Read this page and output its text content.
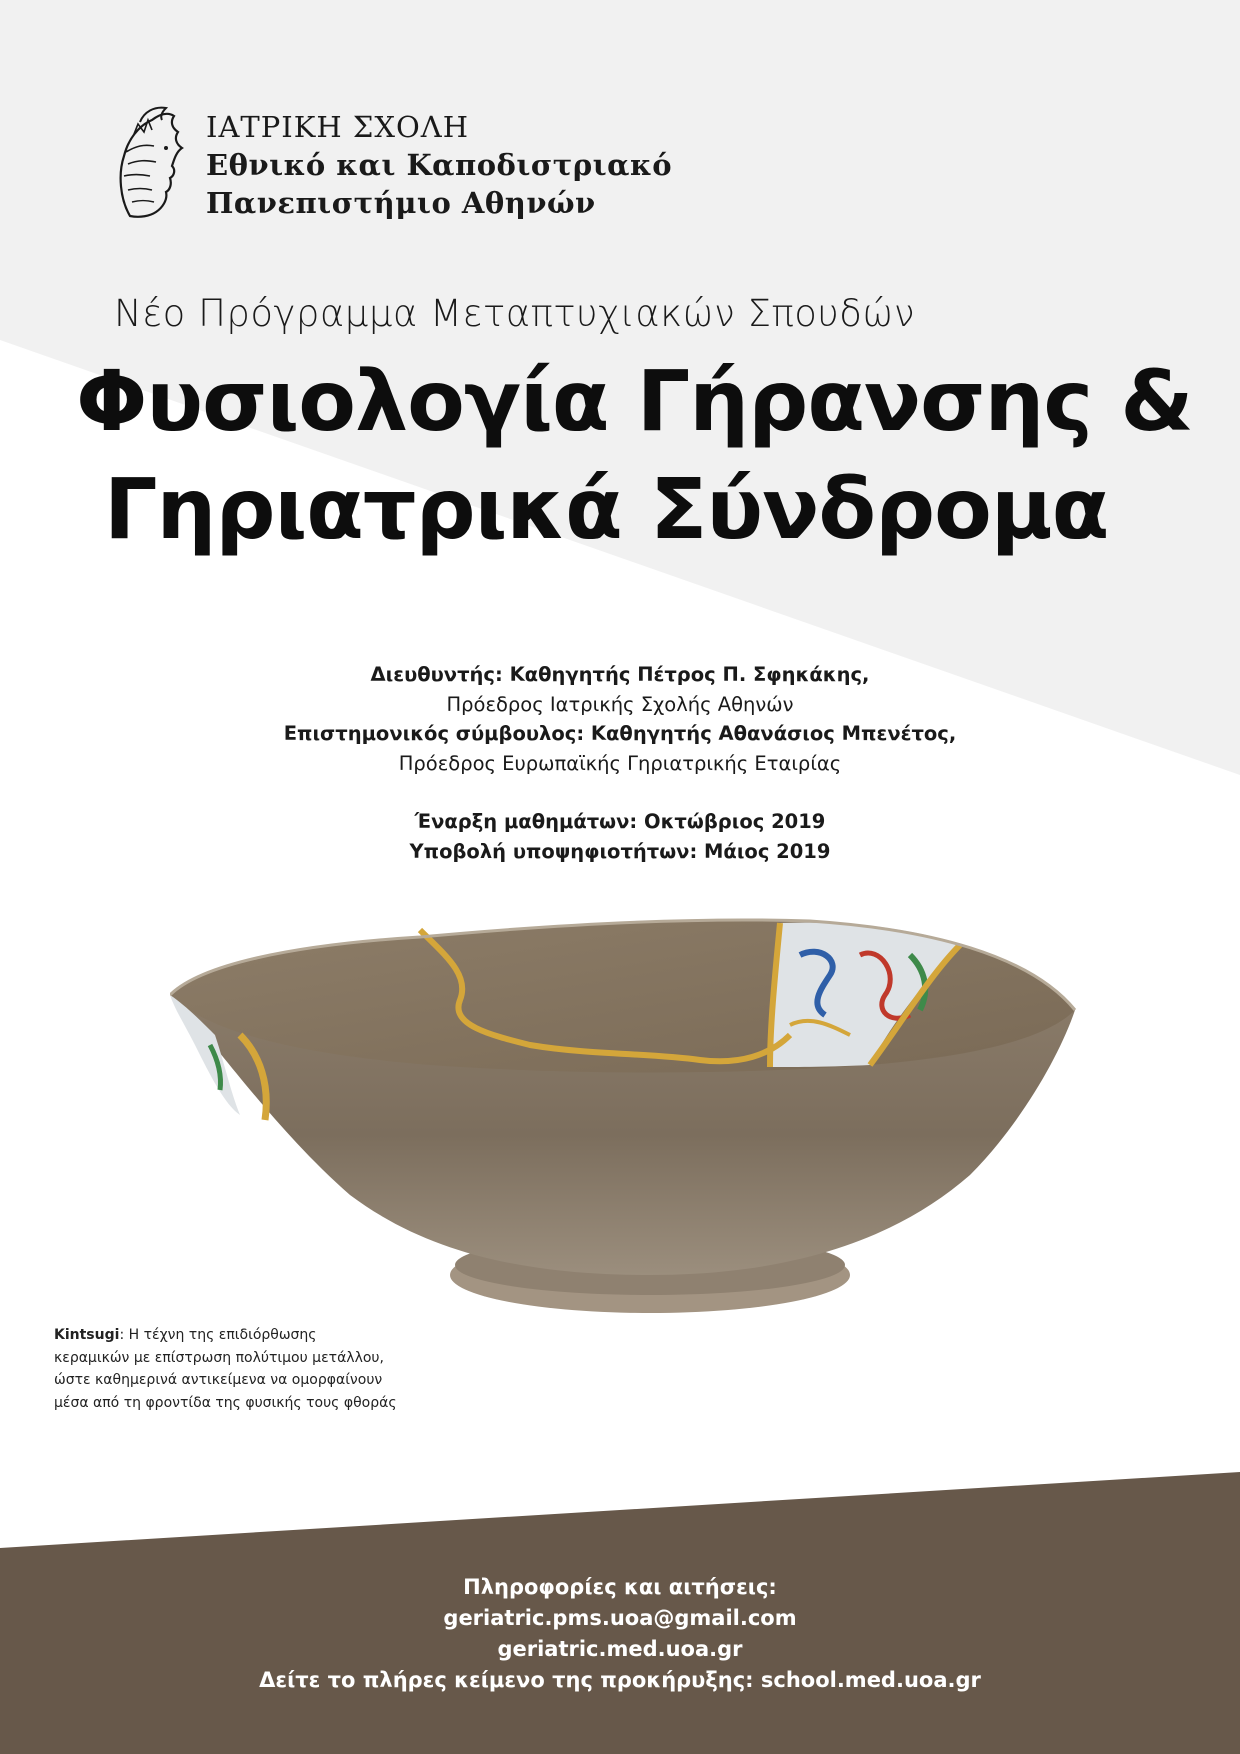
ΙΑΤΡΙΚΗ ΣΧΟΛΗ
Εθνικό και Καποδιστριακό
Πανεπιστήμιο Αθηνών
Νέο Πρόγραμμα Μεταπτυχιακών Σπουδών
Φυσιολογία Γήρανσης &
Γηριατρικά Σύνδρομα
Διευθυντής: Καθηγητής Πέτρος Π. Σφηκάκης,
Πρόεδρος Ιατρικής Σχολής Αθηνών
Επιστημονικός σύμβουλος: Καθηγητής Αθανάσιος Μπενέτος,
Πρόεδρος Ευρωπαϊκής Γηριατρικής Εταιρίας
Έναρξη μαθημάτων: Οκτώβριος 2019
Υποβολή υποψηφιοτήτων: Μάιος 2019
Kintsugi: Η τέχνη της επιδιόρθωσης
κεραμικών με επίστρωση πολύτιμου μετάλλου,
ώστε καθημερινά αντικείμενα να ομορφαίνουν
μέσα από τη φροντίδα της φυσικής τους φθοράς
Πληροφορίες και αιτήσεις:
geriatric.pms.uoa@gmail.com
geriatric.med.uoa.gr
Δείτε το πλήρες κείμενο της προκήρυξης: school.med.uoa.gr
